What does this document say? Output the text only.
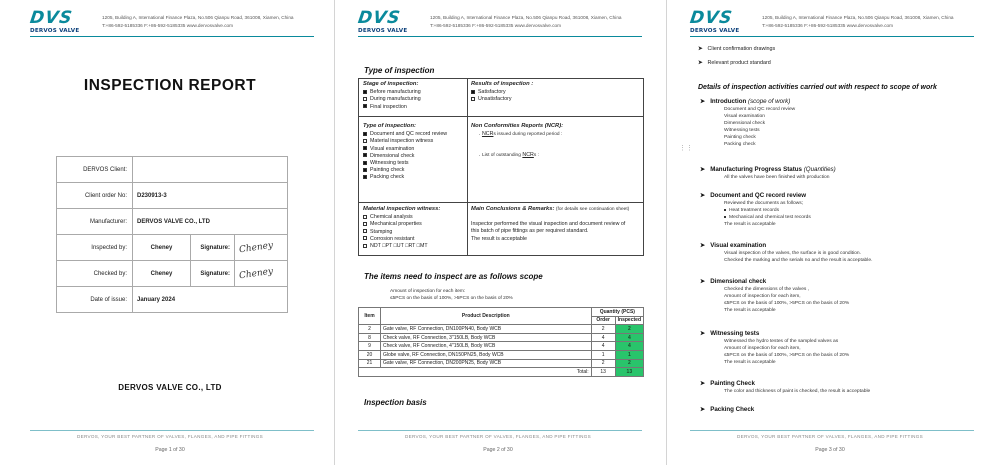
DVS
DERVOS VALVE
1205, Building A, International Finance Plaza, No.506 Qianpu Road, 361008, Xiamen, China
T:+86-592-5185336 F:+86-592-5185335 www.dervosvalve.com
INSPECTION REPORT
DERVOS Client:			
Client order No:	D230913-3		
Manufacturer:	DERVOS VALVE CO., LTD		
Inspected by:	Cheney	Signature:	Cheney
Checked by:	Cheney	Signature:	Cheney
Date of issue:	January 2024		
DERVOS VALVE CO., LTD
DERVOS, YOUR BEST PARTNER OF VALVES, FLANGES, AND PIPE FITTINGS
Page 1 of 30
DVS
DERVOS VALVE
1205, Building A, International Finance Plaza, No.506 Qianpu Road, 361008, Xiamen, China
T:+86-592-5185336 F:+86-592-5185335 www.dervosvalve.com
Type of inspection
Stage of inspection:
Before manufacturing
During manufacturing
Final inspection
Results of inspection :
Satisfactory
Unsatisfactory
Type of inspection:
Document and QC record review
Material inspection witness
Visual examination
Dimensional check
Witnessing tests
Painting check
Packing check
Non Conformities Reports (NCR):
. NCRs issued during reported period :
. List of outstanding NCRs :
Material inspection witness:
Chemical analysis
Mechanical properties
Stamping
Corrosion resistant
NDT □PT □UT □RT □MT
Main Conclusions & Remarks: (for details see continuation sheet)
Inspector performed the visual inspection and document review of
this batch of pipe fittings as per required standard.
The result is acceptable
The items need to inspect are as follows scope
Amount of inspection for each item:
≤5PCS on the basis of 100%, >5PCS on the basis of 20%
Item	Product Description	Quantity (PCS)	
		Order	Inspected
2	Gate valve, RF Connection, DN100PN40, Body WCB	2	2
8	Check valve, RF Connection, 3"150LB, Body WCB	4	4
9	Check valve, RF Connection, 4"150LB, Body WCB	4	4
20	Globe valve, RF Connection, DN150PN25, Body WCB	1	1
21	Gate valve, RF Connection, DN200PN25, Body WCB	2	2
Total:		13	13
Inspection basis
DERVOS, YOUR BEST PARTNER OF VALVES, FLANGES, AND PIPE FITTINGS
Page 2 of 30
DVS
DERVOS VALVE
1205, Building A, International Finance Plaza, No.506 Qianpu Road, 361008, Xiamen, China
T:+86-592-5185336 F:+86-592-5185335 www.dervosvalve.com
➤ Client confirmation drawings
➤ Relevant product standard
Details of inspection activities carried out with respect to scope of work
⋮⋮
➤ Introduction (scope of work)
Document and QC record review
Visual examination
Dimensional check
Witnessing tests
Painting check
Packing check
➤ Manufacturing Progress Status (Quantities)
All the valves have been finished with production
➤ Document and QC record review
Reviewed the documents as follows;
Heat treatment records
Mechanical and chemical test records
The result is acceptable
➤ Visual examination
Visual inspection of the valves, the surface is in good condition.
Checked the marking and the serials no and the result is acceptable.
➤ Dimensional check
Checked the dimensions of the valves ,
Amount of inspection for each item,
≤5PCS on the basis of 100%, >5PCS on the basis of 20%
The result is acceptable
➤ Witnessing tests
Witnessed the hydro testes of the sampled valves as
Amount of inspection for each item,
≤5PCS on the basis of 100%, >5PCS on the basis of 20%
The result is acceptable
➤ Painting Check
The color and thickness of paint is checked, the result is acceptable
➤ Packing Check
DERVOS, YOUR BEST PARTNER OF VALVES, FLANGES, AND PIPE FITTINGS
Page 3 of 30
